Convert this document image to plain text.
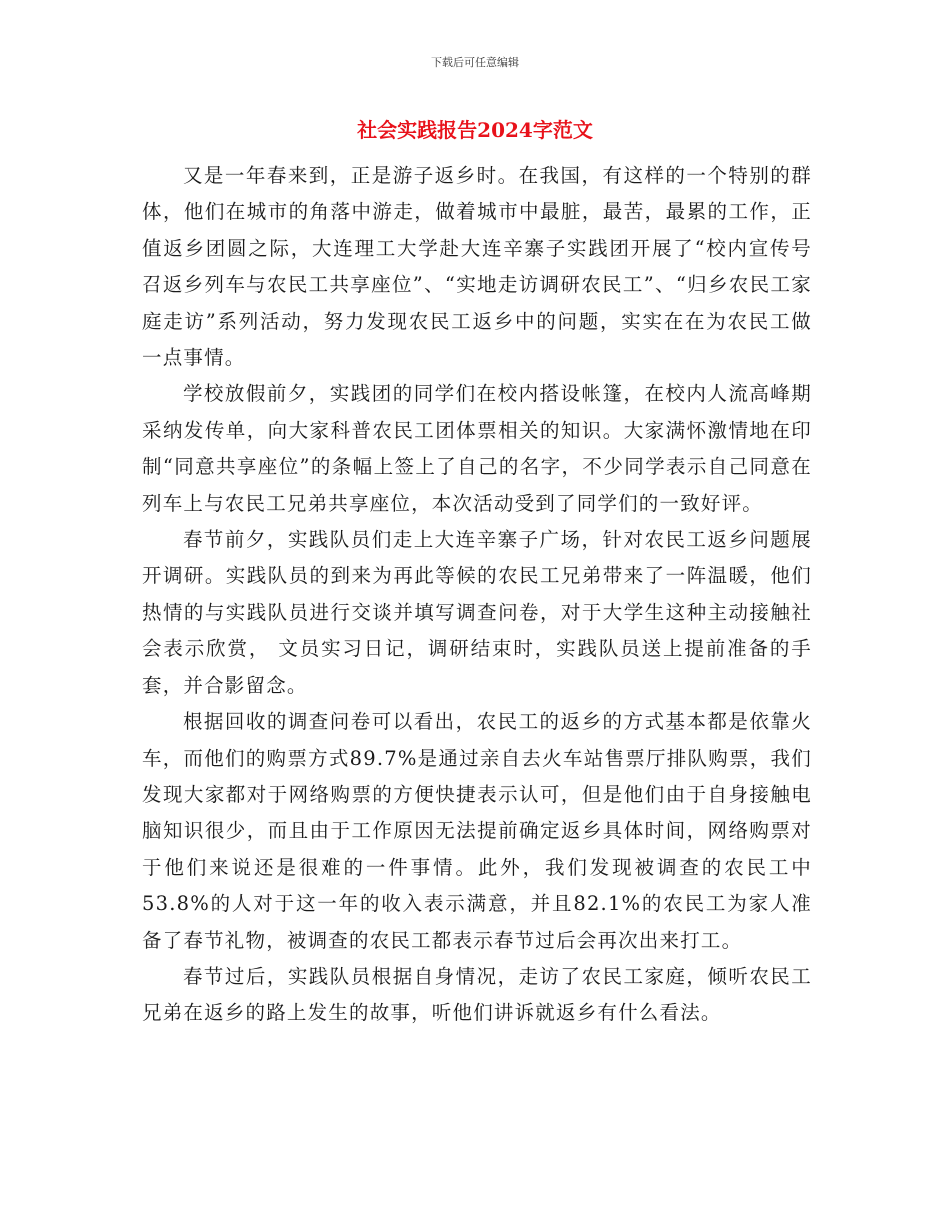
下载后可任意编辑
社会实践报告2024字范文

又是一年春来到，正是游子返乡时。在我国，有这样的一个特别的群体，他们在城市的角落中游走，做着城市中最脏，最苦，最累的工作，正值返乡团圆之际，大连理工大学赴大连辛寨子实践团开展了“校内宣传号召返乡列车与农民工共享座位”、“实地走访调研农民工”、“归乡农民工家庭走访”系列活动，努力发现农民工返乡中的问题，实实在在为农民工做一点事情。

学校放假前夕，实践团的同学们在校内搭设帐篷，在校内人流高峰期采纳发传单，向大家科普农民工团体票相关的知识。大家满怀激情地在印制“同意共享座位”的条幅上签上了自己的名字，不少同学表示自己同意在列车上与农民工兄弟共享座位，本次活动受到了同学们的一致好评。

春节前夕，实践队员们走上大连辛寨子广场，针对农民工返乡问题展开调研。实践队员的到来为再此等候的农民工兄弟带来了一阵温暖，他们热情的与实践队员进行交谈并填写调查问卷，对于大学生这种主动接触社会表示欣赏， 文员实习日记，调研结束时，实践队员送上提前准备的手套，并合影留念。

根据回收的调查问卷可以看出，农民工的返乡的方式基本都是依靠火车，而他们的购票方式89.7%是通过亲自去火车站售票厅排队购票，我们发现大家都对于网络购票的方便快捷表示认可，但是他们由于自身接触电脑知识很少，而且由于工作原因无法提前确定返乡具体时间，网络购票对于他们来说还是很难的一件事情。此外，我们发现被调查的农民工中53.8%的人对于这一年的收入表示满意，并且82.1%的农民工为家人准备了春节礼物，被调查的农民工都表示春节过后会再次出来打工。

春节过后，实践队员根据自身情况，走访了农民工家庭，倾听农民工兄弟在返乡的路上发生的故事，听他们讲诉就返乡有什么看法。
